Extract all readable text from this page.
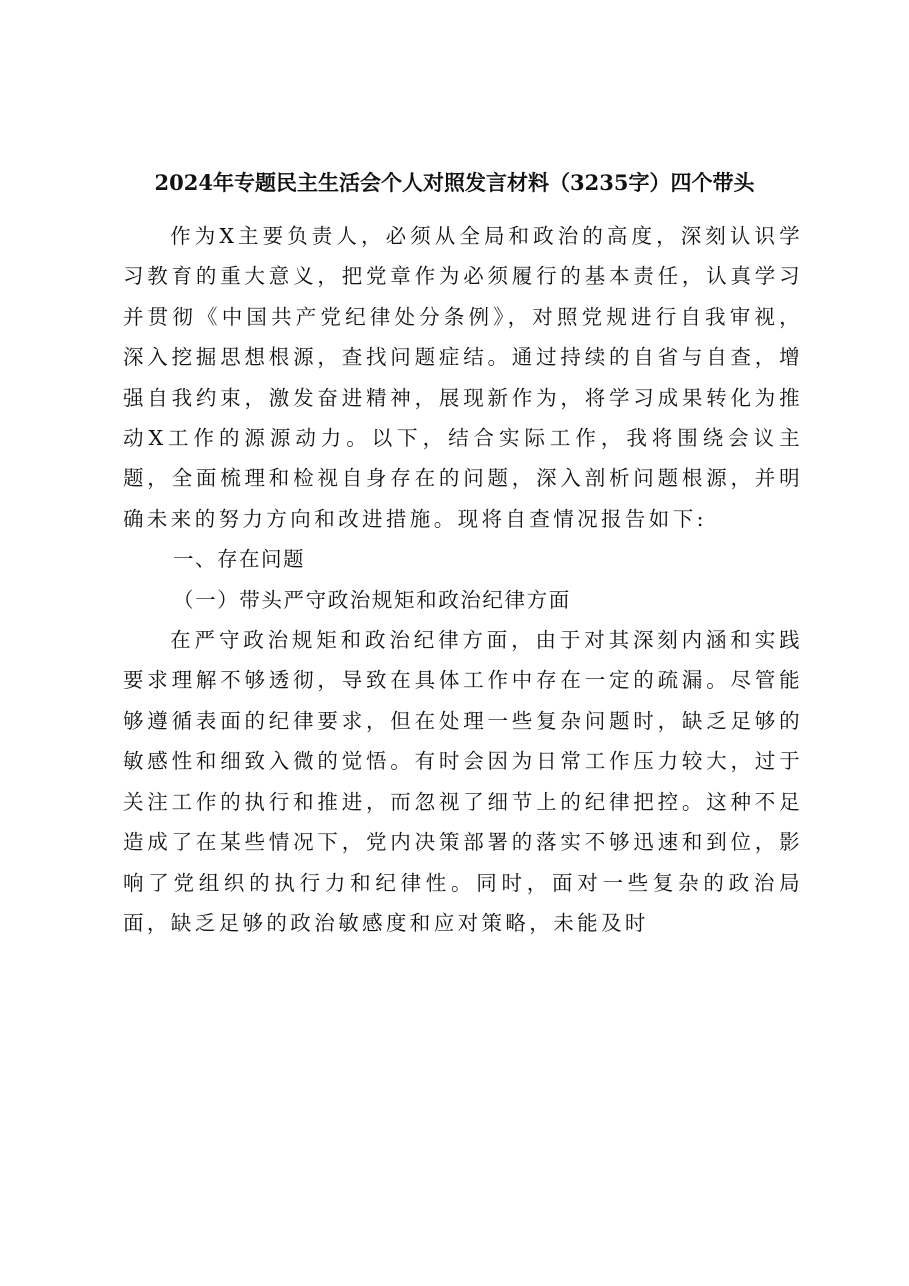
2024年专题民主生活会个人对照发言材料（3235字）四个带头

作为X主要负责人，必须从全局和政治的高度，深刻认识学习教育的重大意义，把党章作为必须履行的基本责任，认真学习并贯彻《中国共产党纪律处分条例》，对照党规进行自我审视，深入挖掘思想根源，查找问题症结。通过持续的自省与自查，增强自我约束，激发奋进精神，展现新作为，将学习成果转化为推动X工作的源源动力。以下，结合实际工作，我将围绕会议主题，全面梳理和检视自身存在的问题，深入剖析问题根源，并明确未来的努力方向和改进措施。现将自查情况报告如下:

一、存在问题

（一）带头严守政治规矩和政治纪律方面

在严守政治规矩和政治纪律方面，由于对其深刻内涵和实践要求理解不够透彻，导致在具体工作中存在一定的疏漏。尽管能够遵循表面的纪律要求，但在处理一些复杂问题时，缺乏足够的敏感性和细致入微的觉悟。有时会因为日常工作压力较大，过于关注工作的执行和推进，而忽视了细节上的纪律把控。这种不足造成了在某些情况下，党内决策部署的落实不够迅速和到位，影响了党组织的执行力和纪律性。同时，面对一些复杂的政治局面，缺乏足够的政治敏感度和应对策略，未能及时
